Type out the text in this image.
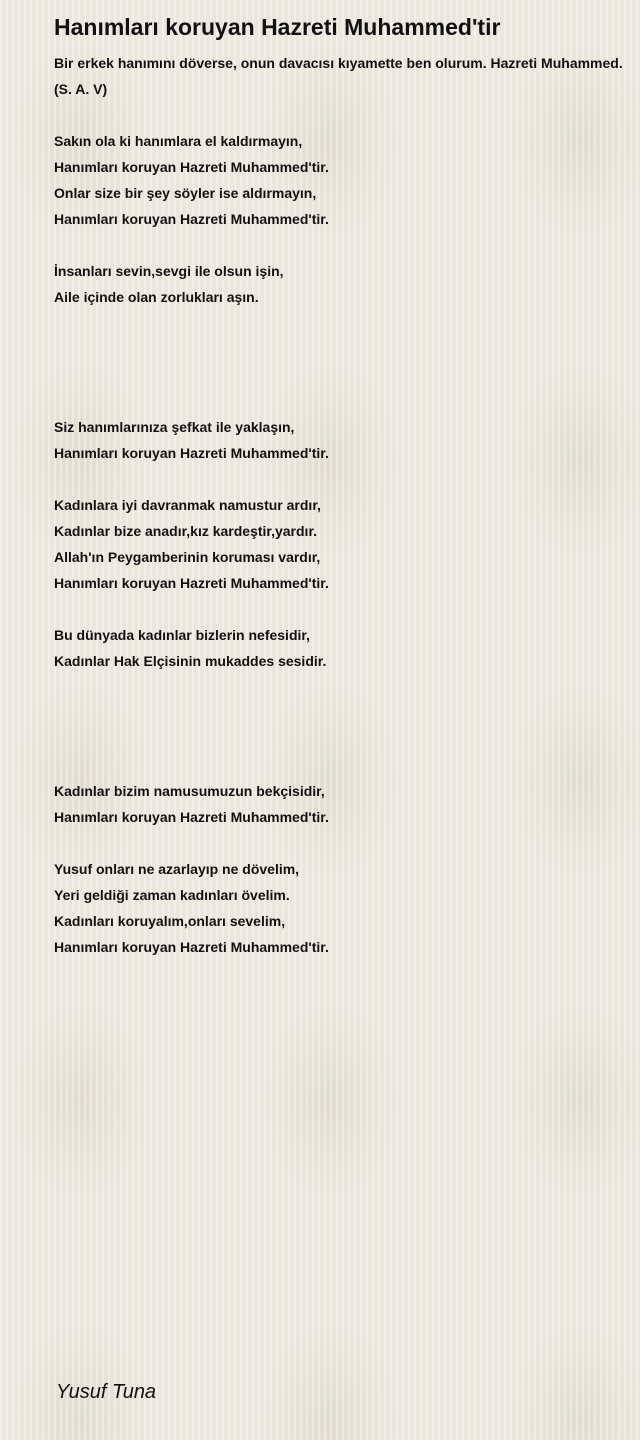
Hanımları koruyan Hazreti Muhammed'tir
Bir erkek hanımını döverse, onun davacısı kıyamette ben olurum. Hazreti Muhammed. (S. A. V)
Sakın ola ki hanımlara el kaldırmayın,
Hanımları koruyan Hazreti Muhammed'tir.
Onlar size bir şey söyler ise aldırmayın,
Hanımları koruyan Hazreti Muhammed'tir.
İnsanları sevin,sevgi ile olsun işin,
Aile içinde olan zorlukları aşın.
Siz hanımlarınıza şefkat ile yaklaşın,
Hanımları koruyan Hazreti Muhammed'tir.
Kadınlara iyi davranmak namustur ardır,
Kadınlar bize anadır,kız kardeştir,yardır.
Allah'ın Peygamberinin koruması vardır,
Hanımları koruyan Hazreti Muhammed'tir.
Bu dünyada kadınlar bizlerin nefesidir,
Kadınlar Hak Elçisinin mukaddes sesidir.
Kadınlar bizim namusumuzun bekçisidir,
Hanımları koruyan Hazreti Muhammed'tir.
Yusuf onları ne azarlayıp ne dövelim,
Yeri geldiği zaman kadınları övelim.
Kadınları koruyalım,onları sevelim,
Hanımları koruyan Hazreti Muhammed'tir.
Yusuf Tuna
